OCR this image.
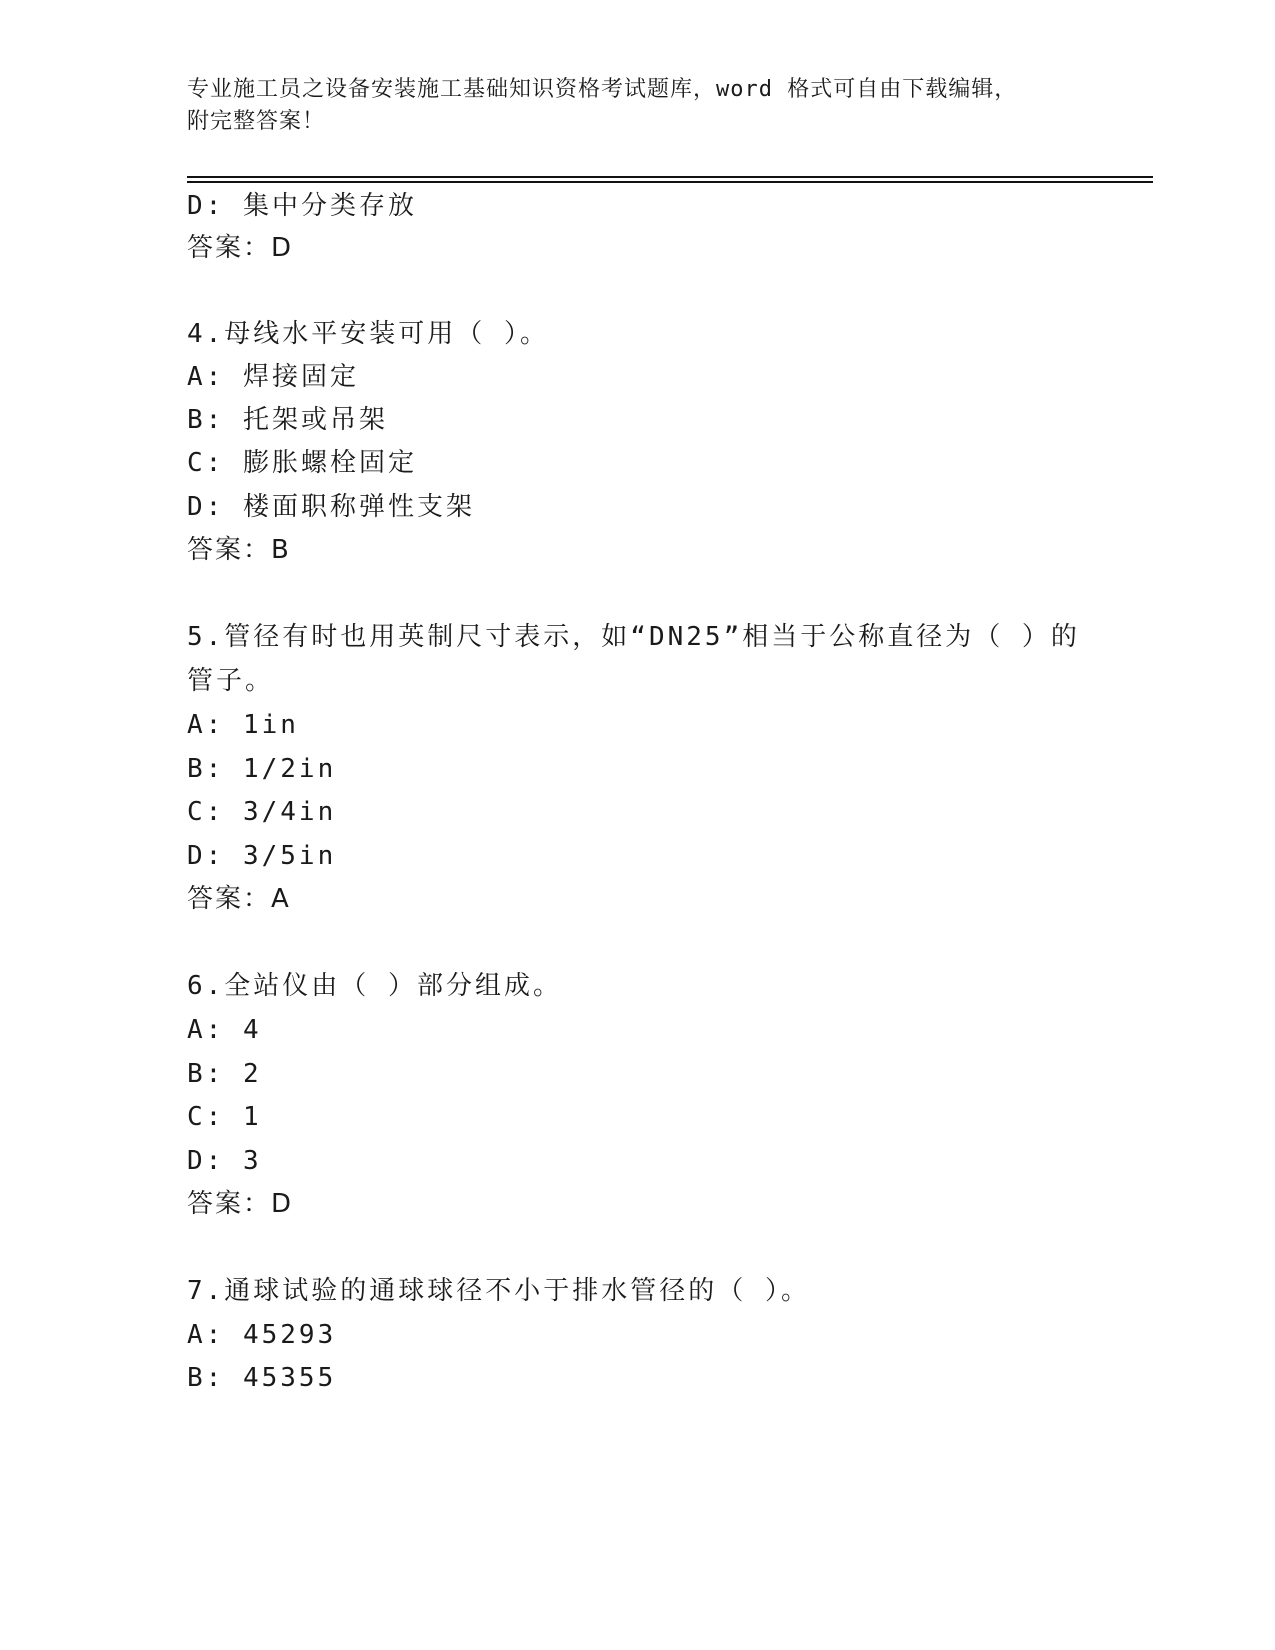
专业施工员之设备安装施工基础知识资格考试题库，word 格式可自由下载编辑，
附完整答案！
D: 集中分类存放
答案：D
4.母线水平安装可用（ ）。
A: 焊接固定
B: 托架或吊架
C: 膨胀螺栓固定
D: 楼面职称弹性支架
答案：B
5.管径有时也用英制尺寸表示，如“DN25”相当于公称直径为（ ）的
管子。
A: 1in
B: 1/2in
C: 3/4in
D: 3/5in
答案：A
6.全站仪由（ ）部分组成。
A: 4
B: 2
C: 1
D: 3
答案：D
7.通球试验的通球球径不小于排水管径的（ ）。
A: 45293
B: 45355
